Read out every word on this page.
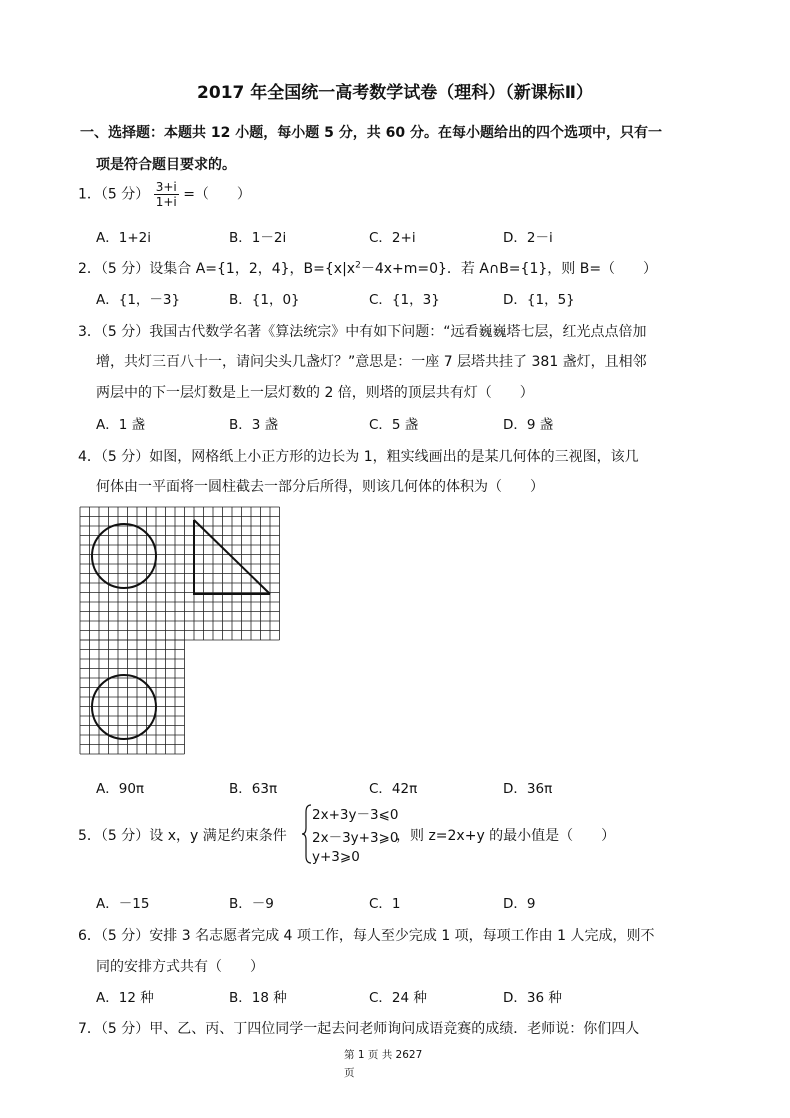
2017 年全国统一高考数学试卷（理科）（新课标Ⅱ）
一、选择题：本题共 12 小题，每小题 5 分，共 60 分。在每小题给出的四个选项中，只有一
项是符合题目要求的。
1．（5 分） $\frac{3+i}{1+i}$ =（　　）
A．1+2i	B．1－2i	C．2+i	D．2－i
2．（5 分）设集合 A={1，2，4}，$B=\{x|x^2-4x+m=0\}$．若 A∩B={1}，则 B=（　　）
A．{1，－3}	B．{1，0}	C．{1，3}	D．{1，5}
3．（5 分）我国古代数学名著《算法统宗》中有如下问题：“远看巍巍塔七层，红光点点倍加
增，共灯三百八十一，请问尖头几盏灯？”意思是：一座 7 层塔共挂了 381 盏灯，且相邻
两层中的下一层灯数是上一层灯数的 2 倍，则塔的顶层共有灯（　　）
A．1 盏	B．3 盏	C．5 盏	D．9 盏
4．（5 分）如图，网格纸上小正方形的边长为 1，粗实线画出的是某几何体的三视图，该几
何体由一平面将一圆柱截去一部分后所得，则该几何体的体积为（　　）
A．90π	B．63π	C．42π	D．36π
5．（5 分）设 x，y 满足约束条件
2x+3y－3⩽0
2x－3y+3⩾0
y+3⩾0
，则 z=2x+y 的最小值是（　　）
A．－15	B．－9	C．1	D．9
6．（5 分）安排 3 名志愿者完成 4 项工作，每人至少完成 1 项，每项工作由 1 人完成，则不
同的安排方式共有（　　）
A．12 种	B．18 种	C．24 种	D．36 种
7．（5 分）甲、乙、丙、丁四位同学一起去问老师询问成语竞赛的成绩．老师说：你们四人
第 1 页 共 2627
页
